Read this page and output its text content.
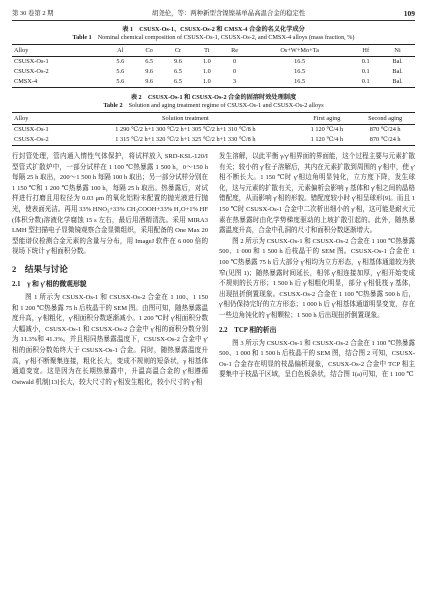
第 30 卷第 2 期	胡尧伦，等：两种新型含镍镍基单晶高温合金的稳定性	109
表 1　CSUSX-Os-1、CSUSX-Os-2 和 CMSX-4 合金的名义化学成分
Table 1 Nominal chemical composition of CSUSX-Os-1, CSUSX-Os-2, and CMSX-4 alloys (mass fraction, %)
Alloy	Al	Co	Cr	Ti	Re	Os+W+Mo+Ta	Hf	Ni
CSUSX-Os-1	5.6	6.5	9.6	1.0	0	16.5	0.1	Bal.
CSUSX-Os-2	5.6	9.6	6.5	1.0	0	16.5	0.1	Bal.
CMSX-4	5.6	9.6	6.5	1.0	3	16.5	0.1	Bal.
表 2　CSUSX-Os-1 和 CSUSX-Os-2 合金的固溶时效处理制度
Table 2 Solution and aging treatment regime of CSUSX-Os-1 and CSUSX-Os-2 alloys
Alloy	Solution treatment	First aging	Second aging
CSUSX-Os-1	1 290 ℃/2 h+1 300 ℃/2 h+1 305 ℃/2 h+1 310 ℃/8 h	1 120 ℃/4 h	870 ℃/24 h
CSUSX-Os-2	1 315 ℃/2 h+1 320 ℃/2 h+1 325 ℃/2 h+1 330 ℃/8 h	1 120 ℃/4 h	870 ℃/24 h

行封管处理，管内通入惰性气体保护，将试样放入 SRD-KSL-120/I 型管式扩散炉中，一部分试样在 1 100 ℃热暴露 1 500 h，0～150 h 每隔 25 h 取出，200～1 500 h 每隔 100 h 取出；另一部分试样分别在 1 150 ℃和 1 200 ℃热暴露 100 h，每隔 25 h 取出。热暴露后，对试样进行打磨且用粒径为 0.03 μm 的氧化铝粉末配置的抛光液进行抛光，使表面光洁。再用 33% HNO₃+33% CH₃COOH+33% H₂O+1% HF (体积分数)溶液化学腐蚀 15 s 左右，最后用酒精清洗。采用 MIRA3 LMH 型扫描电子显微镜观察合金显微组织，采用配备的 One Max 20 型能谱仪检测合金元素的含量与分布，用 ImageJ 软件在 6 000 倍的视场下统计 γ′相面积分数。

2　结果与讨论
2.1　γ 和 γ′相的微观形貌

图 1 所示为 CSUSX-Os-1 和 CSUSX-Os-2 合金在 1 100、1 150 和 1 200 ℃热暴露 75 h 后枝晶干的 SEM 图。由图可知，随热暴露温度升高，γ′相粗化，γ′相面积分数逐渐减小。1 200 ℃时 γ′相面积分数大幅减小，CSUSX-Os-1 和 CSUSX-Os-2 合金中 γ′相的面积分数分别为 11.3%和 41.3%。并且相同热暴露温度下，CSUSX-Os-2 合金中 γ′相的面积分数始终大于 CSUSX-Os-1 合金。同时，随热暴露温度升高，γ′相不断聚集连接，粗化长大，变成不规则的短条状，γ 相基体通道变宽。这是因为在长期热暴露中，升温高温合金的 γ′相遵循 Ostwald 机制[13]长大，较大尺寸的 γ′相发生粗化，较小尺寸的 γ′相

发生溶解，以此平衡 γ/γ′相界面的界面能，这个过程主要与元素扩散有关；较小的 γ′粒子溶解后，其内在元素扩散到周围的 γ′相中，使 γ′相不断长大。1 150 ℃时 γ′相边角明显钝化，立方度下降，发生球化，这与元素的扩散有关，元素偏析会影响 γ 基体和 γ′相之间的晶格错配度，从而影响 γ′相的形貌。错配度较小时 γ′相呈球形[9]。而且 1 150 ℃时 CSUSX-Os-1 合金中二次析出细小的 γ′相，这可能是耐火元素在热暴露时由化学势梯度驱动的上坡扩散引起的。此外，随热暴露温度升高，合金中孔洞的尺寸和面积分数逐渐增大。

图 2 所示为 CSUSX-Os-1 和 CSUSX-Os-2 合金在 1 100 ℃热暴露 500、1 000 和 1 500 h 后枝晶干的 SEM 图。CSUSX-Os-1 合金在 1 100 ℃热暴露 75 h 后大部分 γ′相均为立方形态，γ 相基体通道较为狭窄(见图 1)；随热暴露时间延长，相邻 γ′相连接加厚，γ′相开始变成不规则的长方形；1 500 h 后 γ′相粗化明显，部分 γ′相低筏 γ 基体，出现扭折倒置现象。CSUSX-Os-2 合金在 1 100 ℃热暴露 500 h 后，γ′相仍保持完好的立方形态；1 000 h 后 γ′相基体通道明显变宽，存在一些边角钝化的 γ′相颗粒；1 500 h 后出现扭折倒置现象。

2.2　TCP 相的析出

图 3 所示为 CSUSX-Os-1 和 CSUSX-Os-2 合金在 1 100 ℃热暴露 500、1 000 和 1 500 h 后枝晶干的 SEM 图，结合图 2 可知，CSUSX-Os-1 合金存在明显的枝晶偏析现象，CSUSX-Os-2 合金中 TCP 相主要集中于枝晶干区域，呈白色板条状，结合图 1(a)可知，在 1 100 ℃
